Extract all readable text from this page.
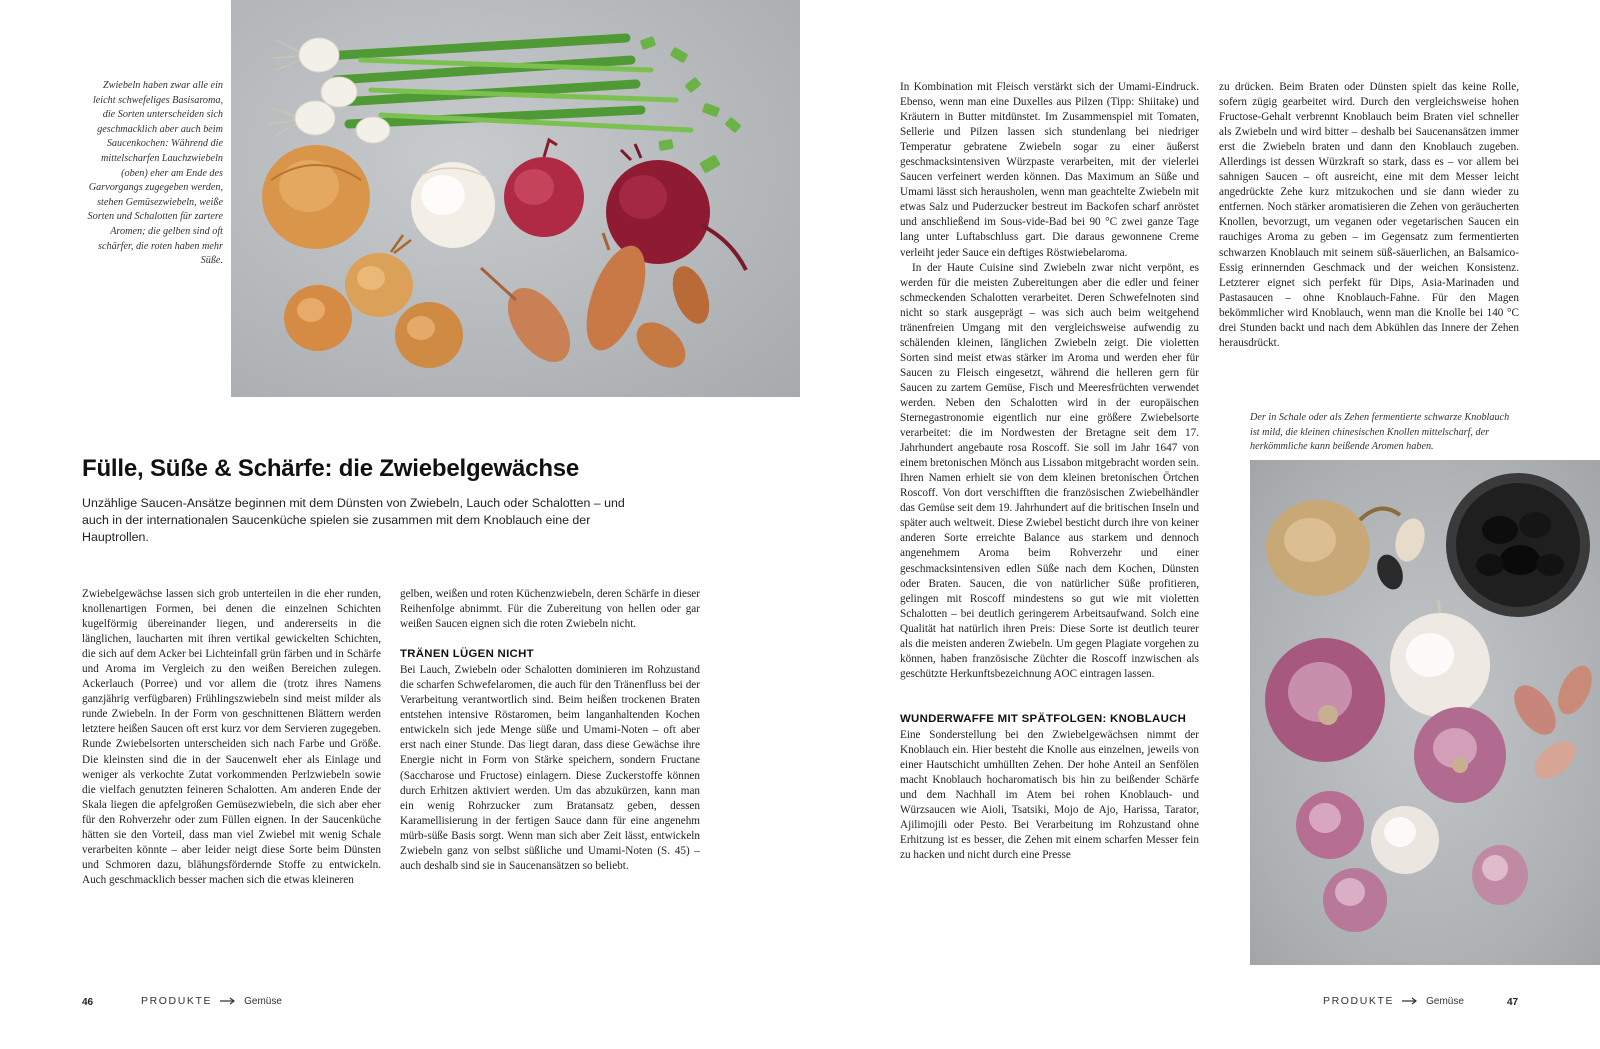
Zwiebeln haben zwar alle ein leicht schwefeliges Basisaroma, die Sorten unterscheiden sich geschmacklich aber auch beim Saucenkochen: Während die mittelscharfen Lauchzwiebeln (oben) eher am Ende des Garvorgangs zugegeben werden, stehen Gemüsezwiebeln, weiße Sorten und Schalotten für zartere Aromen; die gelben sind oft schärfer, die roten haben mehr Süße.
Fülle, Süße & Schärfe: die Zwiebelgewächse
Unzählige Saucen-Ansätze beginnen mit dem Dünsten von Zwiebeln, Lauch oder Schalotten – und auch in der internationalen Saucenküche spielen sie zusammen mit dem Knoblauch eine der Hauptrollen.

Zwiebelgewächse lassen sich grob unterteilen in die eher runden, knollenartigen Formen, bei denen die einzelnen Schichten kugelförmig übereinander liegen, und andererseits in die länglichen, laucharten mit ihren vertikal gewickelten Schichten, die sich auf dem Acker bei Lichteinfall grün färben und in Schärfe und Aroma im Vergleich zu den weißen Bereichen zulegen. Ackerlauch (Porree) und vor allem die (trotz ihres Namens ganzjährig verfügbaren) Frühlingszwiebeln sind meist milder als runde Zwiebeln. In der Form von geschnittenen Blättern werden letztere heißen Saucen oft erst kurz vor dem Servieren zugegeben. Runde Zwiebelsorten unterscheiden sich nach Farbe und Größe. Die kleinsten sind die in der Saucenwelt eher als Einlage und weniger als verkochte Zutat vorkommenden Perlzwiebeln sowie die vielfach genutzten feineren Schalotten. Am anderen Ende der Skala liegen die apfelgroßen Gemüsezwiebeln, die sich aber eher für den Rohverzehr oder zum Füllen eignen. In der Saucenküche hätten sie den Vorteil, dass man viel Zwiebel mit wenig Schale verarbeiten könnte – aber leider neigt diese Sorte beim Dünsten und Schmoren dazu, blähungsfördernde Stoffe zu entwickeln. Auch geschmacklich besser machen sich die etwas kleineren

gelben, weißen und roten Küchenzwiebeln, deren Schärfe in dieser Reihenfolge abnimmt. Für die Zubereitung von hellen oder gar weißen Saucen eignen sich die roten Zwiebeln nicht.

TRÄNEN LÜGEN NICHT

Bei Lauch, Zwiebeln oder Schalotten dominieren im Rohzustand die scharfen Schwefelaromen, die auch für den Tränenfluss bei der Verarbeitung verantwortlich sind. Beim heißen trockenen Braten entstehen intensive Röstaromen, beim langanhaltenden Kochen entwickeln sich jede Menge süße und Umami-Noten – oft aber erst nach einer Stunde. Das liegt daran, dass diese Gewächse ihre Energie nicht in Form von Stärke speichern, sondern Fructane (Saccharose und Fructose) einlagern. Diese Zuckerstoffe können durch Erhitzen aktiviert werden. Um das abzukürzen, kann man ein wenig Rohrzucker zum Bratansatz geben, dessen Karamellisierung in der fertigen Sauce dann für eine angenehm mürb-süße Basis sorgt. Wenn man sich aber Zeit lässt, entwickeln Zwiebeln ganz von selbst süßliche und Umami-Noten (S. 45) – auch deshalb sind sie in Saucenansätzen so beliebt.

46	PRODUKTE	Gemüse

In Kombination mit Fleisch verstärkt sich der Umami-Eindruck. Ebenso, wenn man eine Duxelles aus Pilzen (Tipp: Shiitake) und Kräutern in Butter mitdünstet. Im Zusammenspiel mit Tomaten, Sellerie und Pilzen lassen sich stundenlang bei niedriger Temperatur gebratene Zwiebeln sogar zu einer äußerst geschmacksintensiven Würzpaste verarbeiten, mit der vielerlei Saucen verfeinert werden können. Das Maximum an Süße und Umami lässt sich herausholen, wenn man geachtelte Zwiebeln mit etwas Salz und Puderzucker bestreut im Backofen scharf anröstet und anschließend im Sous-vide-Bad bei 90 °C zwei ganze Tage lang unter Luftabschluss gart. Die daraus gewonnene Creme verleiht jeder Sauce ein deftiges Röstwiebelaroma.

In der Haute Cuisine sind Zwiebeln zwar nicht verpönt, es werden für die meisten Zubereitungen aber die edler und feiner schmeckenden Schalotten verarbeitet. Deren Schwefelnoten sind nicht so stark ausgeprägt – was sich auch beim weitgehend tränenfreien Umgang mit den vergleichsweise aufwendig zu schälenden kleinen, länglichen Zwiebeln zeigt. Die violetten Sorten sind meist etwas stärker im Aroma und werden eher für Saucen zu Fleisch eingesetzt, während die helleren gern für Saucen zu zartem Gemüse, Fisch und Meeresfrüchten verwendet werden. Neben den Schalotten wird in der europäischen Sternegastronomie eigentlich nur eine größere Zwiebelsorte verarbeitet: die im Nordwesten der Bretagne seit dem 17. Jahrhundert angebaute rosa Roscoff. Sie soll im Jahr 1647 von einem bretonischen Mönch aus Lissabon mitgebracht worden sein. Ihren Namen erhielt sie von dem kleinen bretonischen Örtchen Roscoff. Von dort verschifften die französischen Zwiebelhändler das Gemüse seit dem 19. Jahrhundert auf die britischen Inseln und später auch weltweit. Diese Zwiebel besticht durch ihre von keiner anderen Sorte erreichte Balance aus starkem und dennoch angenehmem Aroma beim Rohverzehr und einer geschmacksintensiven edlen Süße nach dem Kochen, Dünsten oder Braten. Saucen, die von natürlicher Süße profitieren, gelingen mit Roscoff mindestens so gut wie mit violetten Schalotten – bei deutlich geringerem Arbeitsaufwand. Solch eine Qualität hat natürlich ihren Preis: Diese Sorte ist deutlich teurer als die meisten anderen Zwiebeln. Um gegen Plagiate vorgehen zu können, haben französische Züchter die Roscoff inzwischen als geschützte Herkunftsbezeichnung AOC eintragen lassen.

WUNDERWAFFE MIT SPÄTFOLGEN: KNOBLAUCH

Eine Sonderstellung bei den Zwiebelgewächsen nimmt der Knoblauch ein. Hier besteht die Knolle aus einzelnen, jeweils von einer Hautschicht umhüllten Zehen. Der hohe Anteil an Senfölen macht Knoblauch hocharomatisch bis hin zu beißender Schärfe und dem Nachhall im Atem bei rohen Knoblauch- und Würzsaucen wie Aioli, Tsatsiki, Mojo de Ajo, Harissa, Tarator, Ajilimojili oder Pesto. Bei Verarbeitung im Rohzustand ohne Erhitzung ist es besser, die Zehen mit einem scharfen Messer fein zu hacken und nicht durch eine Presse

zu drücken. Beim Braten oder Dünsten spielt das keine Rolle, sofern zügig gearbeitet wird. Durch den vergleichsweise hohen Fructose-Gehalt verbrennt Knoblauch beim Braten viel schneller als Zwiebeln und wird bitter – deshalb bei Saucenansätzen immer erst die Zwiebeln braten und dann den Knoblauch zugeben. Allerdings ist dessen Würzkraft so stark, dass es – vor allem bei sahnigen Saucen – oft ausreicht, eine mit dem Messer leicht angedrückte Zehe kurz mitzukochen und sie dann wieder zu entfernen. Noch stärker aromatisieren die Zehen von geräucherten Knollen, bevorzugt, um veganen oder vegetarischen Saucen ein rauchiges Aroma zu geben – im Gegensatz zum fermentierten schwarzen Knoblauch mit seinem süß-säuerlichen, an Balsamico-Essig erinnernden Geschmack und der weichen Konsistenz. Letzterer eignet sich perfekt für Dips, Asia-Marinaden und Pastasaucen – ohne Knoblauch-Fahne. Für den Magen bekömmlicher wird Knoblauch, wenn man die Knolle bei 140 °C drei Stunden backt und nach dem Abkühlen das Innere der Zehen herausdrückt.

Der in Schale oder als Zehen fermentierte schwarze Knoblauch ist mild, die kleinen chinesischen Knollen mittelscharf, der herkömmliche kann beißende Aromen haben.
PRODUKTE	Gemüse	47
